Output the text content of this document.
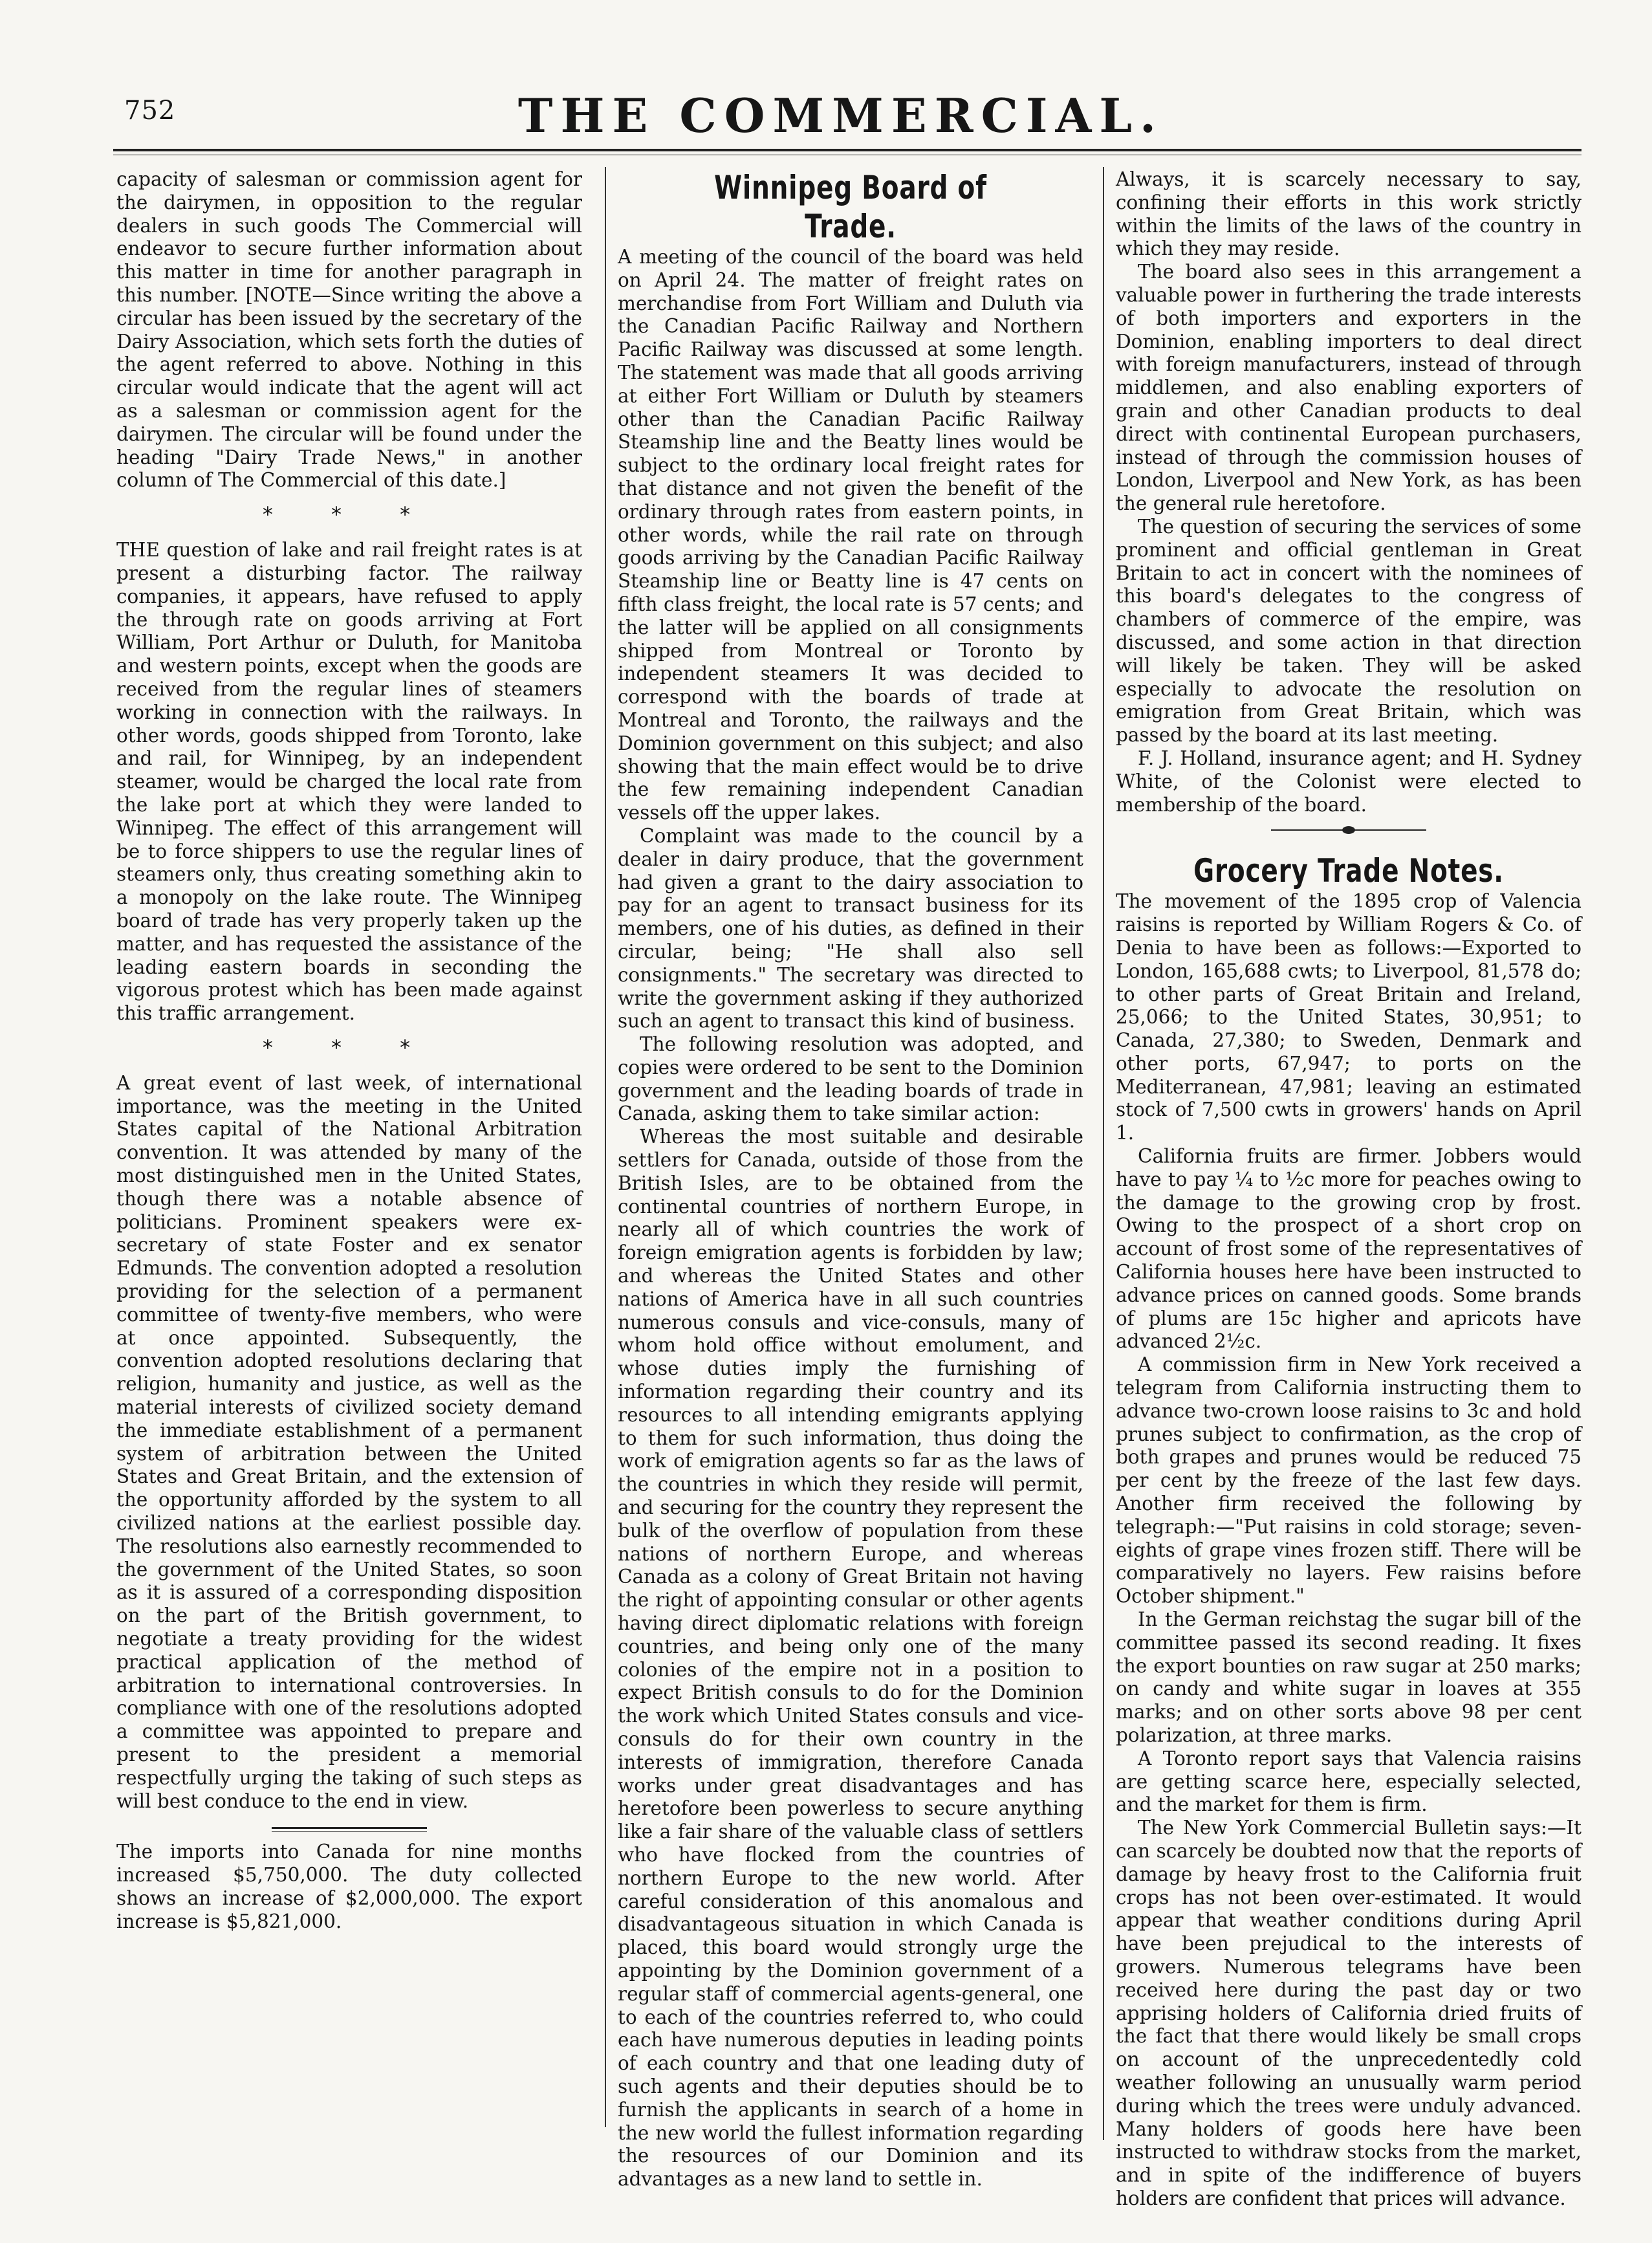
752	THE COMMERCIAL.

capacity of salesman or commission agent for the dairymen, in opposition to the regular dealers in such goods The Commercial will endeavor to secure further information about this matter in time for another paragraph in this number. [NOTE—Since writing the above a circular has been issued by the secretary of the Dairy Association, which sets forth the duties of the agent referred to above. Nothing in this circular would indicate that the agent will act as a salesman or commission agent for the dairymen. The circular will be found under the heading "Dairy Trade News," in another column of The Commercial of this date.]

* * *

THE question of lake and rail freight rates is at present a disturbing factor. The railway companies, it appears, have refused to apply the through rate on goods arriving at Fort William, Port Arthur or Duluth, for Manitoba and western points, except when the goods are received from the regular lines of steamers working in connection with the railways. In other words, goods shipped from Toronto, lake and rail, for Winnipeg, by an independent steamer, would be charged the local rate from the lake port at which they were landed to Winnipeg. The effect of this arrangement will be to force shippers to use the regular lines of steamers only, thus creating something akin to a monopoly on the lake route. The Winnipeg board of trade has very properly taken up the matter, and has requested the assistance of the leading eastern boards in seconding the vigorous protest which has been made against this traffic arrangement.

* * *

A great event of last week, of international importance, was the meeting in the United States capital of the National Arbitration convention. It was attended by many of the most distinguished men in the United States, though there was a notable absence of politicians. Prominent speakers were ex-secretary of state Foster and ex senator Edmunds. The convention adopted a resolution providing for the selection of a permanent committee of twenty-five members, who were at once appointed. Subsequently, the convention adopted resolutions declaring that religion, humanity and justice, as well as the material interests of civilized society demand the immediate establishment of a permanent system of arbitration between the United States and Great Britain, and the extension of the opportunity afforded by the system to all civilized nations at the earliest possible day. The resolutions also earnestly recommended to the government of the United States, so soon as it is assured of a corresponding disposition on the part of the British government, to negotiate a treaty providing for the widest practical application of the method of arbitration to international controversies. In compliance with one of the resolutions adopted a committee was appointed to prepare and present to the president a memorial respectfully urging the taking of such steps as will best conduce to the end in view.

The imports into Canada for nine months increased $5,750,000. The duty collected shows an increase of $2,000,000. The export increase is $5,821,000.

Winnipeg Board of Trade.

A meeting of the council of the board was held on April 24. The matter of freight rates on merchandise from Fort William and Duluth via the Canadian Pacific Railway and Northern Pacific Railway was discussed at some length. The statement was made that all goods arriving at either Fort William or Duluth by steamers other than the Canadian Pacific Railway Steamship line and the Beatty lines would be subject to the ordinary local freight rates for that distance and not given the benefit of the ordinary through rates from eastern points, in other words, while the rail rate on through goods arriving by the Canadian Pacific Railway Steamship line or Beatty line is 47 cents on fifth class freight, the local rate is 57 cents; and the latter will be applied on all consignments shipped from Montreal or Toronto by independent steamers It was decided to correspond with the boards of trade at Montreal and Toronto, the railways and the Dominion government on this subject; and also showing that the main effect would be to drive the few remaining independent Canadian vessels off the upper lakes.

Complaint was made to the council by a dealer in dairy produce, that the government had given a grant to the dairy association to pay for an agent to transact business for its members, one of his duties, as defined in their circular, being; "He shall also sell consignments." The secretary was directed to write the government asking if they authorized such an agent to transact this kind of business.

The following resolution was adopted, and copies were ordered to be sent to the Dominion government and the leading boards of trade in Canada, asking them to take similar action:

Whereas the most suitable and desirable settlers for Canada, outside of those from the British Isles, are to be obtained from the continental countries of northern Europe, in nearly all of which countries the work of foreign emigration agents is forbidden by law; and whereas the United States and other nations of America have in all such countries numerous consuls and vice-consuls, many of whom hold office without emolument, and whose duties imply the furnishing of information regarding their country and its resources to all intending emigrants applying to them for such information, thus doing the work of emigration agents so far as the laws of the countries in which they reside will permit, and securing for the country they represent the bulk of the overflow of population from these nations of northern Europe, and whereas Canada as a colony of Great Britain not having the right of appointing consular or other agents having direct diplomatic relations with foreign countries, and being only one of the many colonies of the empire not in a position to expect British consuls to do for the Dominion the work which United States consuls and vice-consuls do for their own country in the interests of immigration, therefore Canada works under great disadvantages and has heretofore been powerless to secure anything like a fair share of the valuable class of settlers who have flocked from the countries of northern Europe to the new world. After careful consideration of this anomalous and disadvantageous situation in which Canada is placed, this board would strongly urge the appointing by the Dominion government of a regular staff of commercial agents-general, one to each of the countries referred to, who could each have numerous deputies in leading points of each country and that one leading duty of such agents and their deputies should be to furnish the applicants in search of a home in the new world the fullest information regarding the resources of our Dominion and its advantages as a new land to settle in.

Always, it is scarcely necessary to say, confining their efforts in this work strictly within the limits of the laws of the country in which they may reside.

The board also sees in this arrangement a valuable power in furthering the trade interests of both importers and exporters in the Dominion, enabling importers to deal direct with foreign manufacturers, instead of through middlemen, and also enabling exporters of grain and other Canadian products to deal direct with continental European purchasers, instead of through the commission houses of London, Liverpool and New York, as has been the general rule heretofore.

The question of securing the services of some prominent and official gentleman in Great Britain to act in concert with the nominees of this board's delegates to the congress of chambers of commerce of the empire, was discussed, and some action in that direction will likely be taken. They will be asked especially to advocate the resolution on emigration from Great Britain, which was passed by the board at its last meeting.

F. J. Holland, insurance agent; and H. Sydney White, of the Colonist were elected to membership of the board.

Grocery Trade Notes.

The movement of the 1895 crop of Valencia raisins is reported by William Rogers & Co. of Denia to have been as follows:—Exported to London, 165,688 cwts; to Liverpool, 81,578 do; to other parts of Great Britain and Ireland, 25,066; to the United States, 30,951; to Canada, 27,380; to Sweden, Denmark and other ports, 67,947; to ports on the Mediterranean, 47,981; leaving an estimated stock of 7,500 cwts in growers' hands on April 1.

California fruits are firmer. Jobbers would have to pay ¼ to ½c more for peaches owing to the damage to the growing crop by frost. Owing to the prospect of a short crop on account of frost some of the representatives of California houses here have been instructed to advance prices on canned goods. Some brands of plums are 15c higher and apricots have advanced 2½c.

A commission firm in New York received a telegram from California instructing them to advance two-crown loose raisins to 3c and hold prunes subject to confirmation, as the crop of both grapes and prunes would be reduced 75 per cent by the freeze of the last few days. Another firm received the following by telegraph:—"Put raisins in cold storage; seven-eights of grape vines frozen stiff. There will be comparatively no layers. Few raisins before October shipment."

In the German reichstag the sugar bill of the committee passed its second reading. It fixes the export bounties on raw sugar at 250 marks; on candy and white sugar in loaves at 355 marks; and on other sorts above 98 per cent polarization, at three marks.

A Toronto report says that Valencia raisins are getting scarce here, especially selected, and the market for them is firm.

The New York Commercial Bulletin says:—It can scarcely be doubted now that the reports of damage by heavy frost to the California fruit crops has not been over-estimated. It would appear that weather conditions during April have been prejudical to the interests of growers. Numerous telegrams have been received here during the past day or two apprising holders of California dried fruits of the fact that there would likely be small crops on account of the unprecedentedly cold weather following an unusually warm period during which the trees were unduly advanced. Many holders of goods here have been instructed to withdraw stocks from the market, and in spite of the indifference of buyers holders are confident that prices will advance.
